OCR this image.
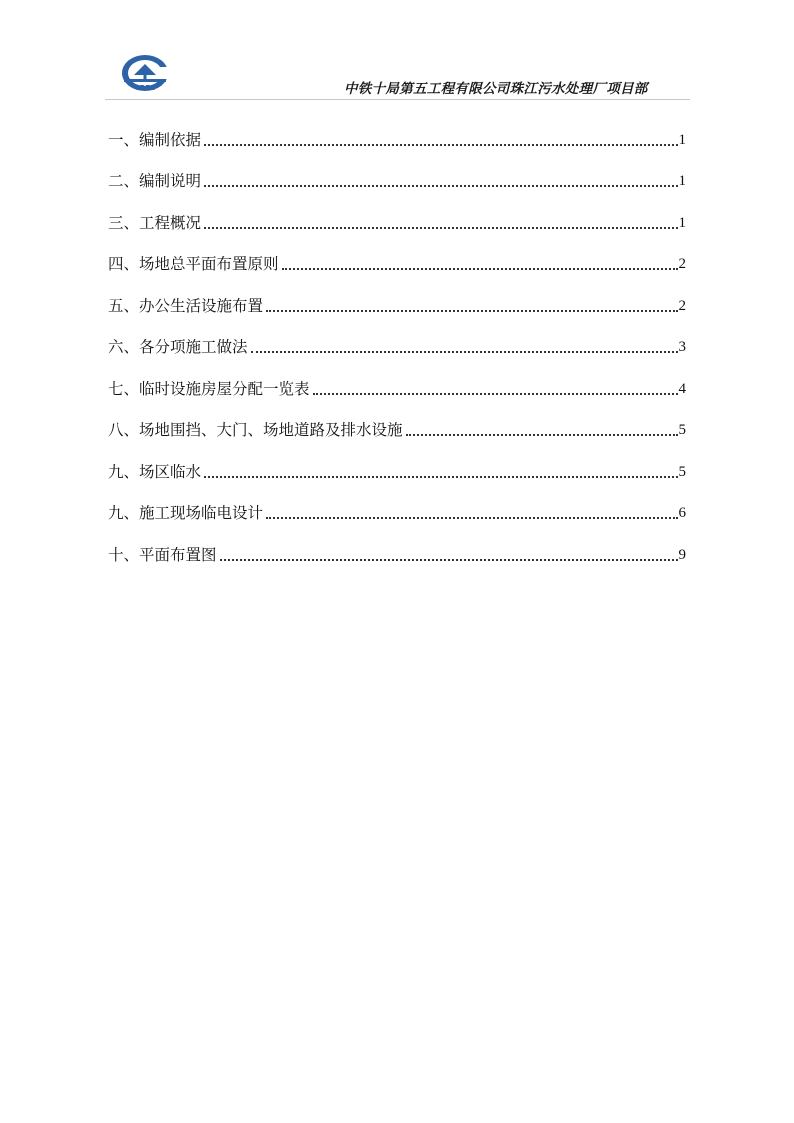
CREC	中铁十局第五工程有限公司珠江污水处理厂项目部
一、编制依据	1
二、编制说明	1
三、工程概况	1
四、场地总平面布置原则	2
五、办公生活设施布置	2
六、各分项施工做法	3
七、临时设施房屋分配一览表	4
八、场地围挡、大门、场地道路及排水设施	5
九、场区临水	5
九、施工现场临电设计	6
十、平面布置图	9
